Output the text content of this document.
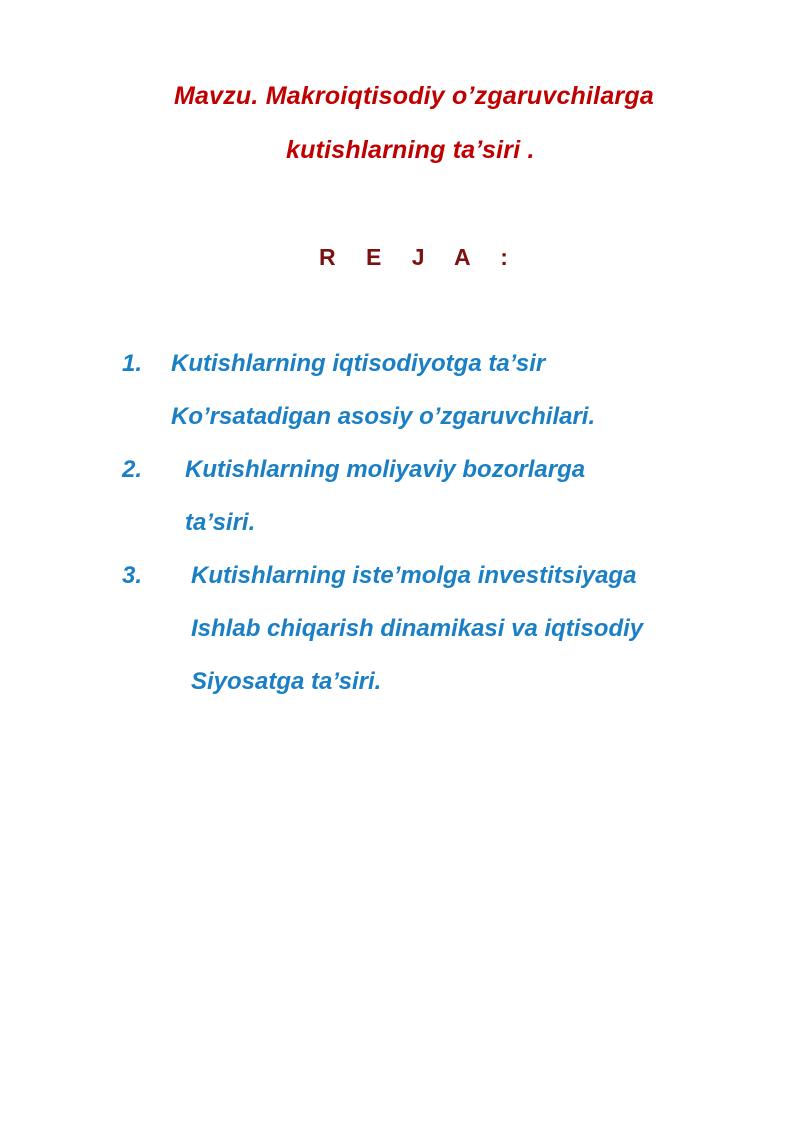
Mavzu. Makroiqtisodiy o’zgaruvchilarga
kutishlarning ta’siri .
R E J A :
1. Kutishlarning iqtisodiyotga ta’sir
Ko’rsatadigan asosiy o’zgaruvchilari.
2. Kutishlarning moliyaviy bozorlarga
ta’siri.
3. Kutishlarning iste’molga investitsiyaga
Ishlab chiqarish dinamikasi va iqtisodiy
Siyosatga ta’siri.
